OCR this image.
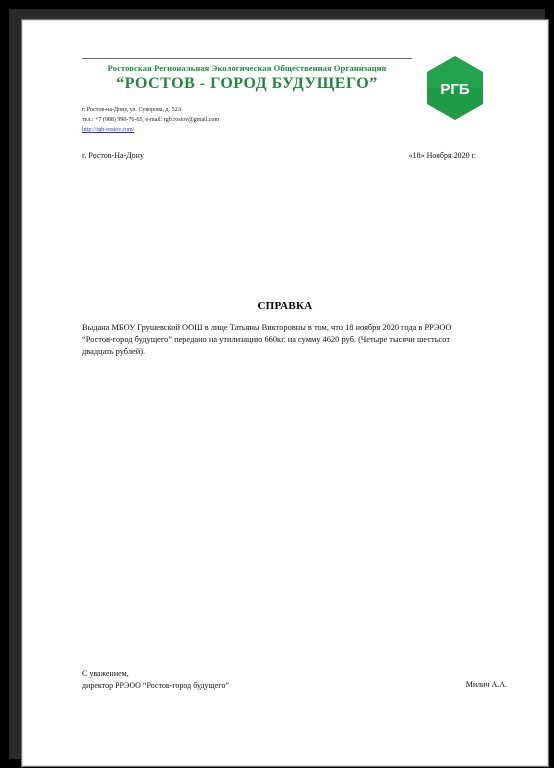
Ростовская Региональная Экологическая Общественная Организация
“РОСТОВ - ГОРОД БУДУЩЕГО”	РГБ
г. Ростов-на-Дону, ул. Суворова, д. 52А
тел.: +7 (988) 990-76-65, e-mail: rgb.rostov@gmail.com
http://rgb-rostov.com/
г. Ростов-На-Дону	«18» Ноября 2020 г.
СПРАВКА
Выдана МБОУ Грушевской ООШ в лице Татьяны Викторовны в том, что 18 ноября 2020 года в РРЭОО “Ростов-город будущего” передано на утилизацию 660кг. на сумму 4620 руб. (Четыре тысячи шестьсот двадцать рублей).
С уважением,
директор РРЭОО “Ростов-город будущего”	Милич А.А.
